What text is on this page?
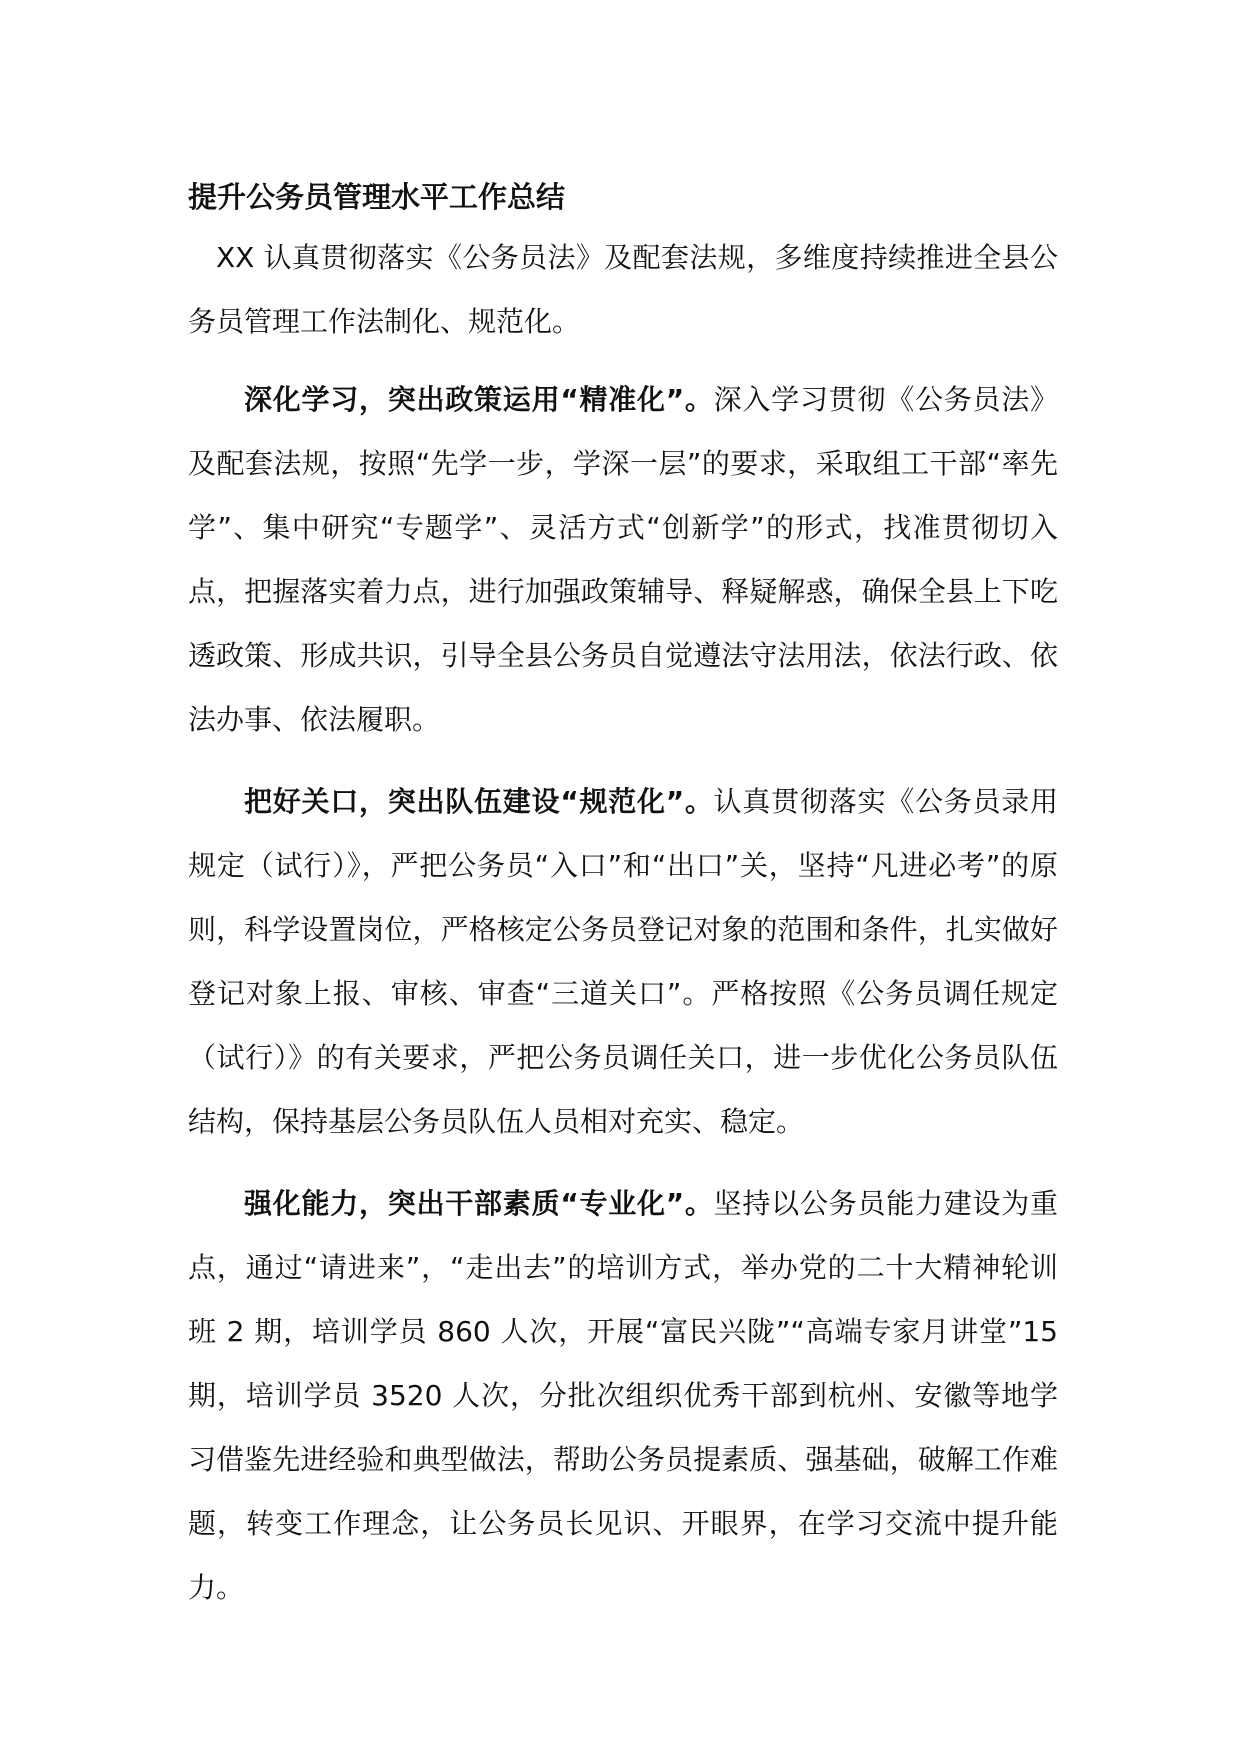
提升公务员管理水平工作总结

XX 认真贯彻落实《公务员法》及配套法规，多维度持续推进全县公务员管理工作法制化、规范化。

深化学习，突出政策运用“精准化”。深入学习贯彻《公务员法》及配套法规，按照“先学一步，学深一层”的要求，采取组工干部“率先学”、集中研究“专题学”、灵活方式“创新学”的形式，找准贯彻切入点，把握落实着力点，进行加强政策辅导、释疑解惑，确保全县上下吃透政策、形成共识，引导全县公务员自觉遵法守法用法，依法行政、依法办事、依法履职。

把好关口，突出队伍建设“规范化”。认真贯彻落实《公务员录用规定（试行）》，严把公务员“入口”和“出口”关，坚持“凡进必考”的原则，科学设置岗位，严格核定公务员登记对象的范围和条件，扎实做好登记对象上报、审核、审查“三道关口”。严格按照《公务员调任规定（试行）》的有关要求，严把公务员调任关口，进一步优化公务员队伍结构，保持基层公务员队伍人员相对充实、稳定。

强化能力，突出干部素质“专业化”。坚持以公务员能力建设为重点，通过“请进来”，“走出去”的培训方式，举办党的二十大精神轮训班 2 期，培训学员 860 人次，开展“富民兴陇”“高端专家月讲堂”15 期，培训学员 3520 人次，分批次组织优秀干部到杭州、安徽等地学习借鉴先进经验和典型做法，帮助公务员提素质、强基础，破解工作难题，转变工作理念，让公务员长见识、开眼界，在学习交流中提升能力。
